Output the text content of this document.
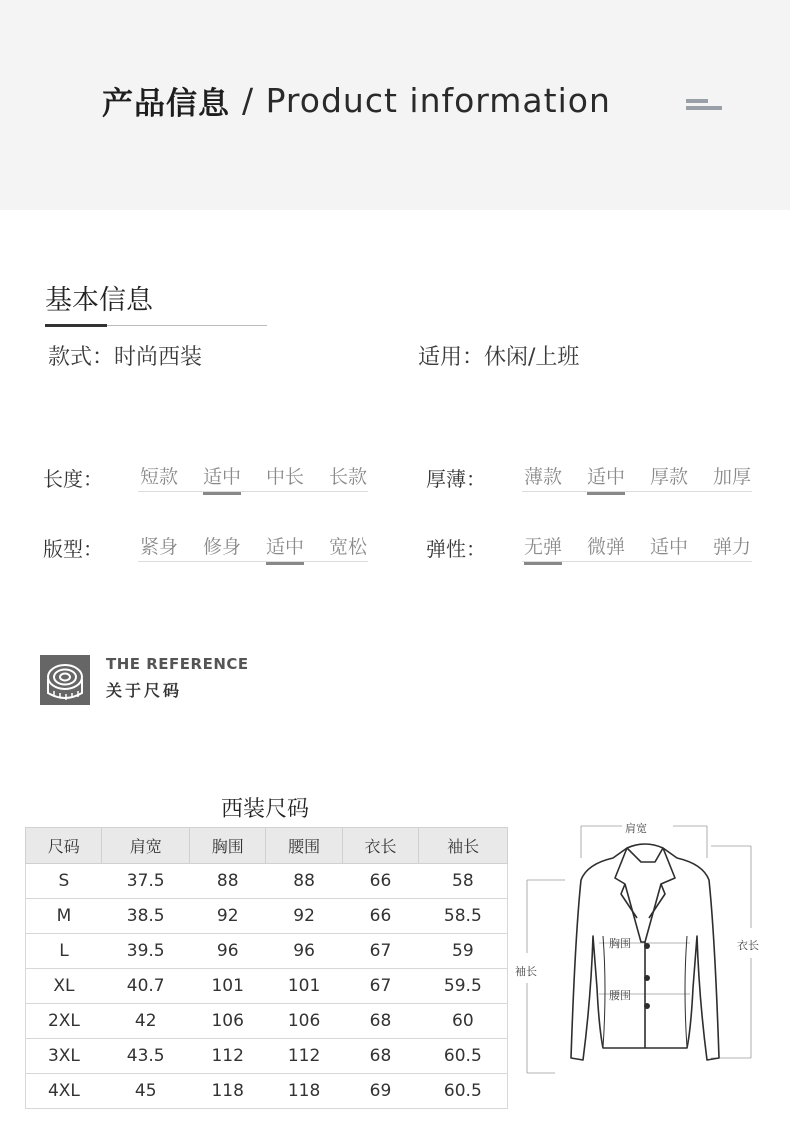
产品信息 / Product information
基本信息
款式：时尚西装	适用：休闲/上班
长度： 短款 适中 中长 长款	厚薄： 薄款 适中 厚款 加厚
版型： 紧身 修身 适中 宽松	弹性： 无弹 微弹 适中 弹力
THE REFERENCE
关于尺码
西装尺码
尺码	肩宽	胸围	腰围	衣长	袖长
S	37.5	88	88	66	58
M	38.5	92	92	66	58.5
L	39.5	96	96	67	59
XL	40.7	101	101	67	59.5
2XL	42	106	106	68	60
3XL	43.5	112	112	68	60.5
4XL	45	118	118	69	60.5
肩宽
胸围
腰围
衣长
袖长
